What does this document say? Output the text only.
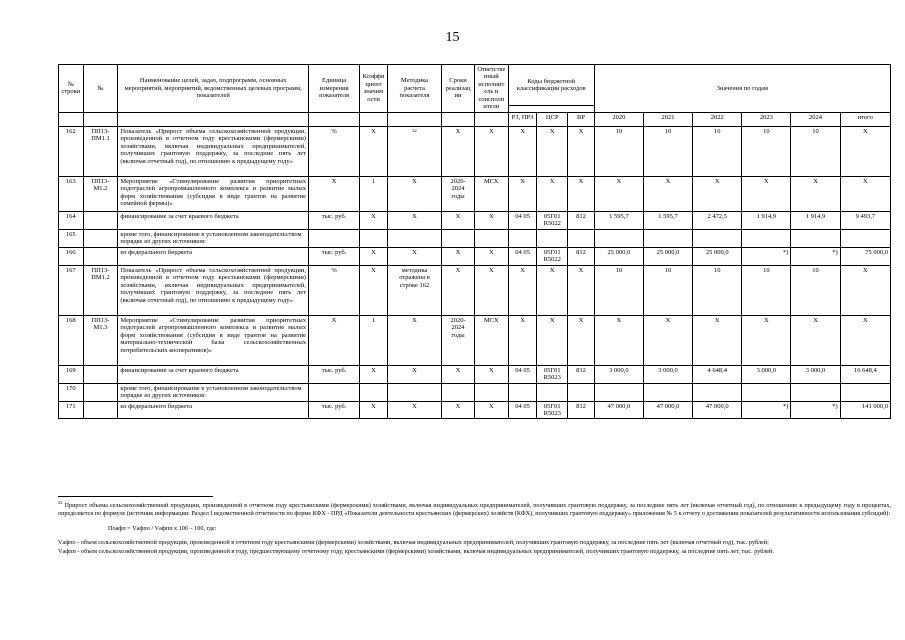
15
№ строки	№	Наименование целей, задач, подпрограмм, основных мероприятий, мероприятий, ведомственных целевых программ, показателей	Единица измерения показателя	Коэффициент значимости	Методика расчета показателя	Сроки реализации	Ответственный исполнитель и соисполнители	Коды бюджетной классификации расходов			Значения по годам					

								РЗ, ПРЗ	ЦСР	ВР	2020	2021	2022	2023	2024	итого
162	ПП13-ПМ1.1	Показатель «Прирост объема сельскохозяйственной продукции, произведенной в отчетном году крестьянскими (фермерскими) хозяйствами, включая индивидуальных предпринимателей, получивших грантовую поддержку, за последние пять лет (включая отчетный год), по отношению к предыдущему году»	%	X	$^{22}$	X	X	X	X	X	10	10	10	10	10	X
163	ПП13-М1.2	Мероприятие «Стимулирование развития приоритетных подотраслей агропромышленного комплекса и развитие малых форм хозяйствования (субсидия в виде грантов на развитие семейной фермы)»	X	1	X	2020-2024 годы	МСХ	X	X	X	X	X	X	X	X	X
164		финансирование за счет краевого бюджета	тыс. руб.	X	X	X	X	04 05	05Г01 R5022	812	1 595,7	1 595,7	2 472,5	1 914,9	1 914,9	9 493,7
165		кроме того, финансирование в установленном законодательством порядке из других источников:														
166		из федерального бюджета	тыс. руб.	X	X	X	X	04 05	05Г01 R5022	812	25 000,0	25 000,0	25 000,0	*)	*)	75 000,0
167	ПП13-ПМ1.2	Показатель «Прирост объема сельскохозяйственной продукции, произведенной в отчетном году крестьянскими (фермерскими) хозяйствами, включая индивидуальных предпринимателей, получивших грантовую поддержку, за последние пять лет (включая отчетный год), по отношению к предыдущему году»	%	X	методика отражена в строке 162	X	X	X	X	X	10	10	10	10	10	X
168	ПП13-М1.3	Мероприятие «Стимулирование развития приоритетных подотраслей агропромышленного комплекса и развитие малых форм хозяйствования (субсидия в виде грантов на развитие материально-технической базы сельскохозяйственных потребительских кооперативов)»	X	1	X	2020-2024 годы	МСХ	X	X	X	X	X	X	X	X	X
169		финансирование за счет краевого бюджета	тыс. руб.	X	X	X	X	04 05	05Г01 R5023	812	3 000,0	3 000,0	4 648,4	3 000,0	3 000,0	16 648,4
170		кроме того, финансирование в установленном законодательством порядке из других источников:														
171		из федерального бюджета	тыс. руб.	X	X	X	X	04 05	05Г01 R5023	812	47 000,0	47 000,0	47 000,0	*)	*)	141 000,0

$^{22}$ Прирост объема сельскохозяйственной продукции, произведенной в отчетном году крестьянскими (фермерскими) хозяйствами, включая индивидуальных предпринимателей, получивших грантовую поддержку, за последние пять лет (включая отчетный год), по отношению к предыдущему году в процентах, определяется по формуле (источник информации: Раздел I ведомственной отчетности по форме КФХ - ПРД «Показатели деятельности крестьянских (фермерских) хозяйств (КФХ), получивших грантовую поддержку» приложения № 5 к отчету о достижении показателей результативности использования субсидий):

Поафп = Vафпо / Vафпп х 100 – 100, где:

Vафпо - объем сельскохозяйственной продукции, произведенной в отчетном году крестьянскими (фермерскими) хозяйствами, включая индивидуальных предпринимателей, получивших грантовую поддержку, за последние пять лет (включая отчетный год), тыс. рублей;

Vафпп - объем сельскохозяйственной продукции, произведенной в году, предшествующему отчетному году, крестьянскими (фермерскими) хозяйствами, включая индивидуальных предпринимателей, получивших грантовую поддержку, за последние пять лет, тыс. рублей.
